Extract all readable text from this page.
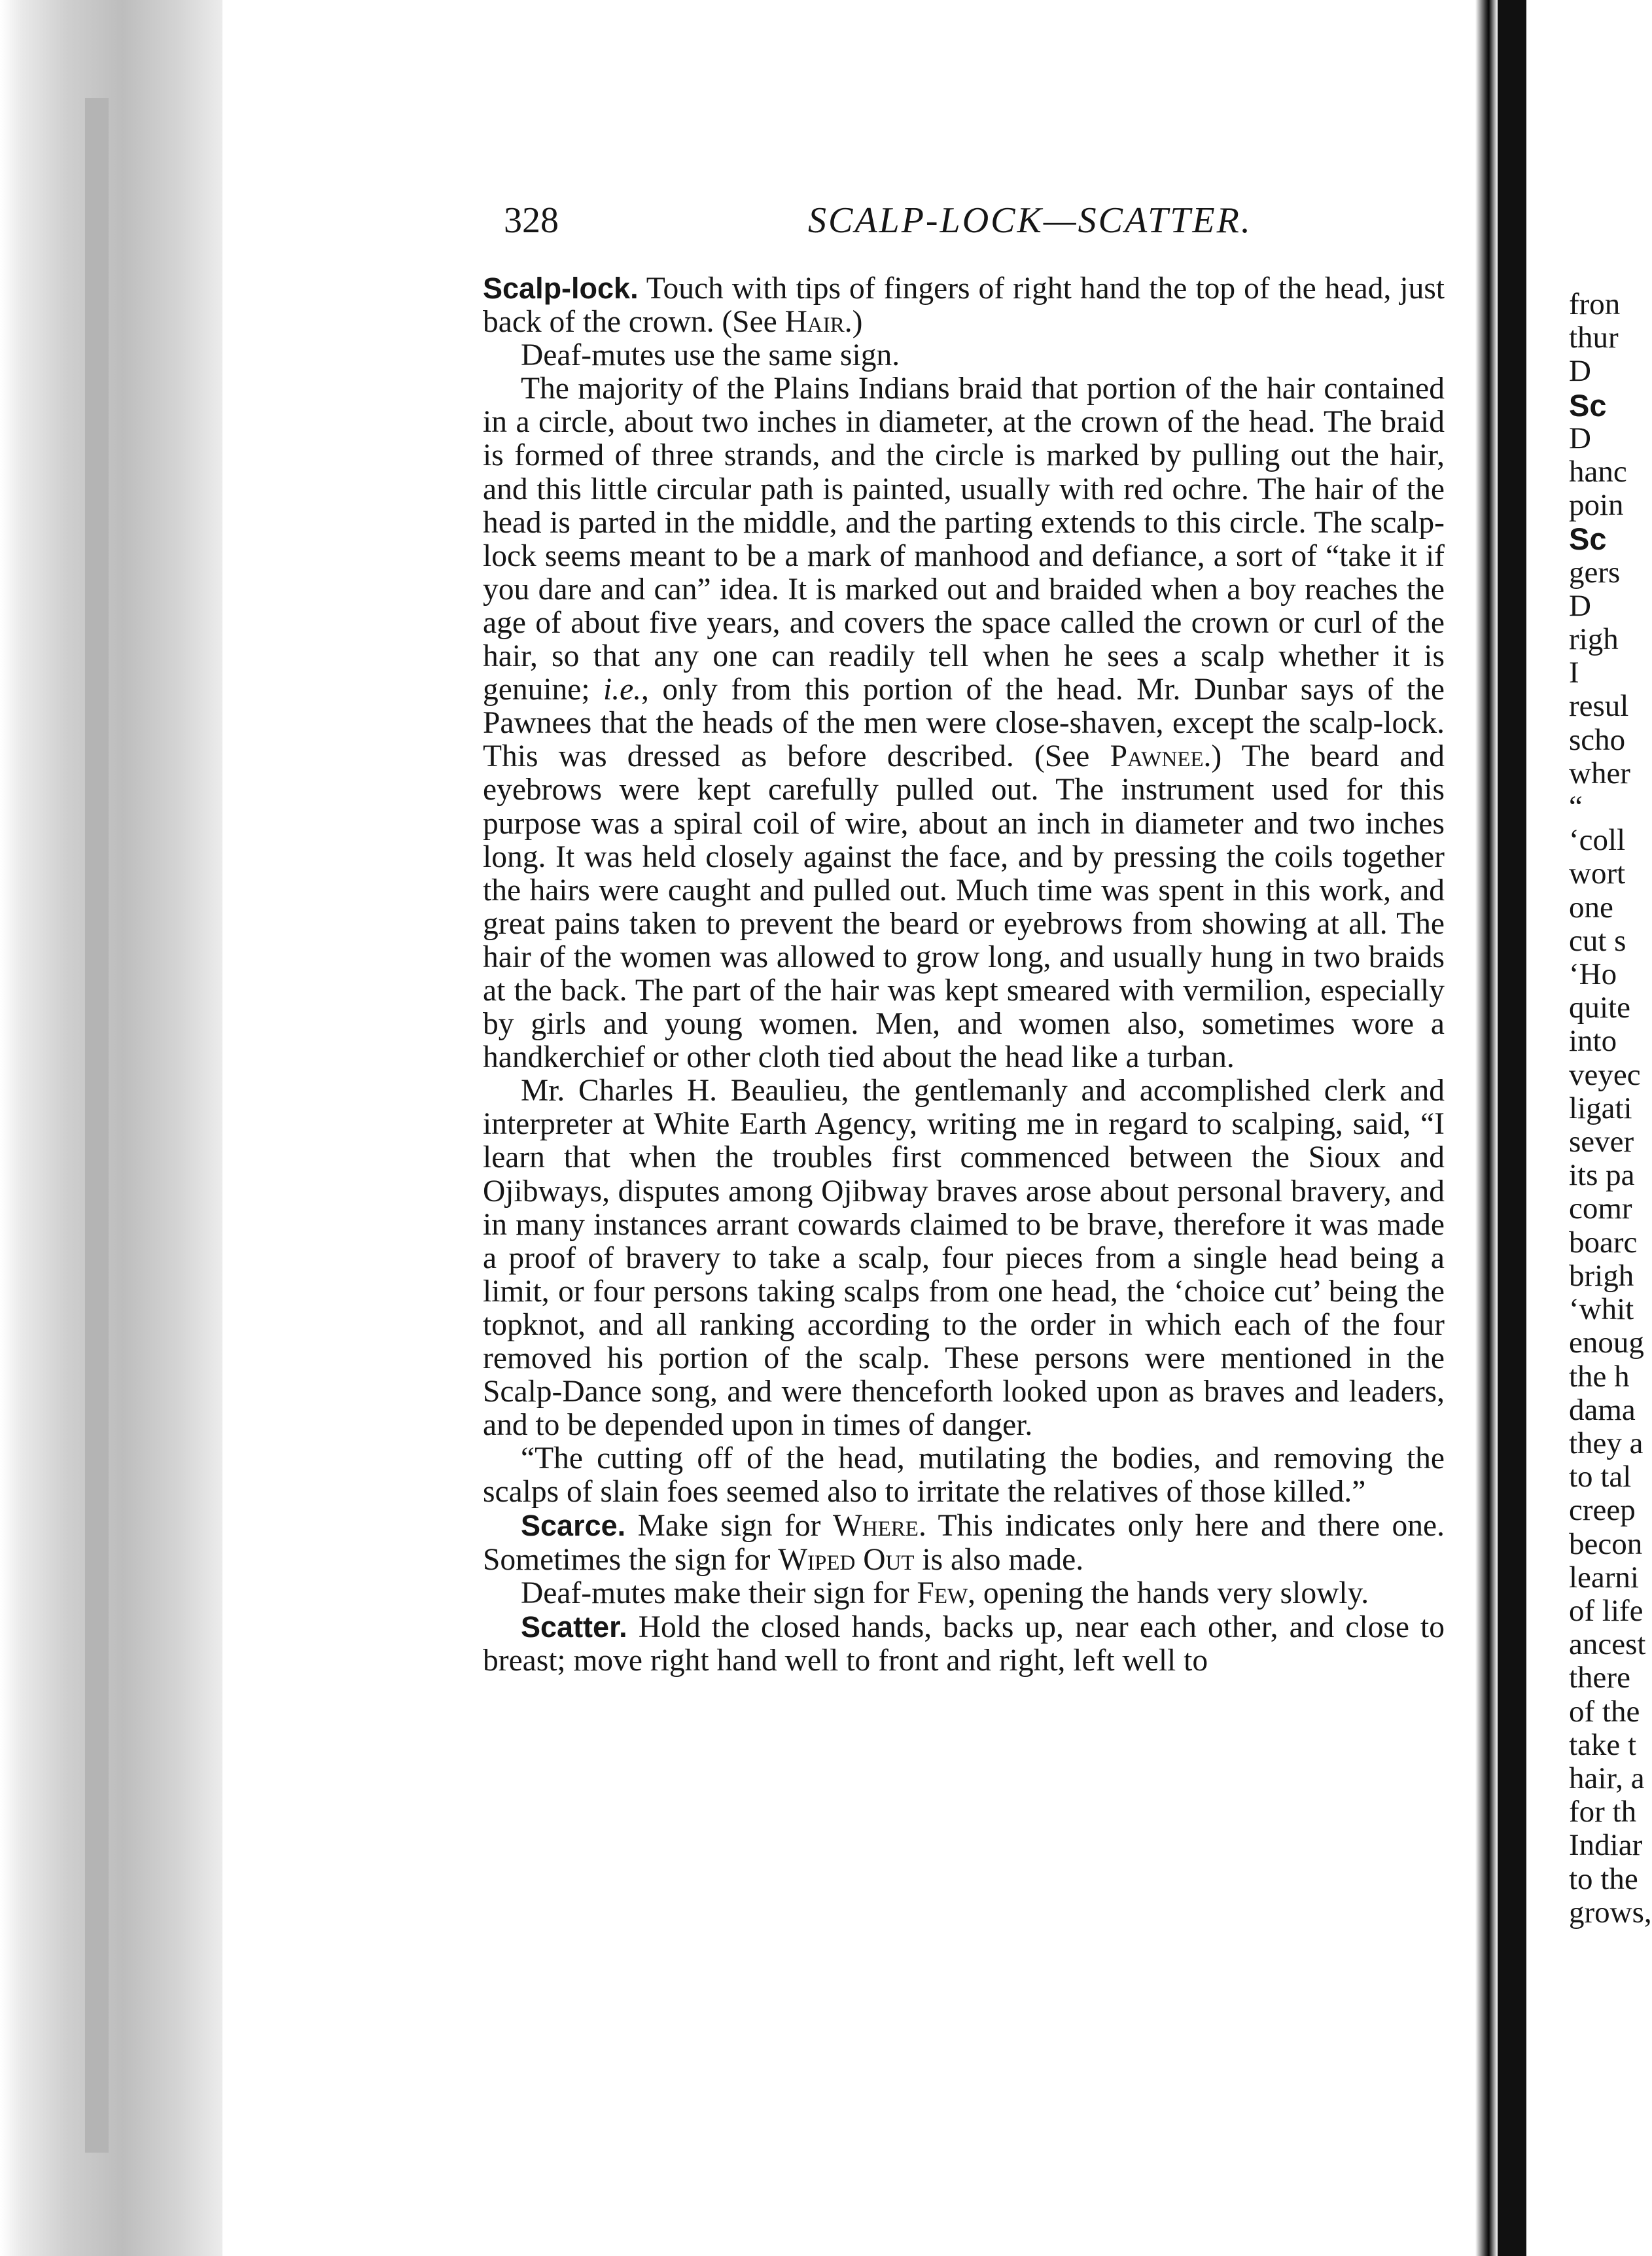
328	SCALP-LOCK—SCATTER.

Scalp-lock. Touch with tips of fingers of right hand the top of the head, just back of the crown. (See Hair.)

Deaf-mutes use the same sign.

The majority of the Plains Indians braid that portion of the hair contained in a circle, about two inches in diameter, at the crown of the head. The braid is formed of three strands, and the circle is marked by pulling out the hair, and this little circular path is painted, usually with red ochre. The hair of the head is parted in the middle, and the parting extends to this circle. The scalp-lock seems meant to be a mark of manhood and defiance, a sort of “take it if you dare and can” idea. It is marked out and braided when a boy reaches the age of about five years, and covers the space called the crown or curl of the hair, so that any one can readily tell when he sees a scalp whether it is genuine; i.e., only from this portion of the head. Mr. Dunbar says of the Pawnees that the heads of the men were close-shaven, except the scalp-lock. This was dressed as before described. (See Pawnee.) The beard and eyebrows were kept carefully pulled out. The instrument used for this purpose was a spiral coil of wire, about an inch in diameter and two inches long. It was held closely against the face, and by pressing the coils together the hairs were caught and pulled out. Much time was spent in this work, and great pains taken to prevent the beard or eyebrows from showing at all. The hair of the women was allowed to grow long, and usually hung in two braids at the back. The part of the hair was kept smeared with vermilion, especially by girls and young women. Men, and women also, sometimes wore a handkerchief or other cloth tied about the head like a turban.

Mr. Charles H. Beaulieu, the gentlemanly and accomplished clerk and interpreter at White Earth Agency, writing me in regard to scalping, said, “I learn that when the troubles first commenced between the Sioux and Ojibways, disputes among Ojibway braves arose about personal bravery, and in many instances arrant cowards claimed to be brave, therefore it was made a proof of bravery to take a scalp, four pieces from a single head being a limit, or four persons taking scalps from one head, the ‘choice cut’ being the topknot, and all ranking according to the order in which each of the four removed his portion of the scalp. These persons were mentioned in the Scalp-Dance song, and were thenceforth looked upon as braves and leaders, and to be depended upon in times of danger.

“The cutting off of the head, mutilating the bodies, and removing the scalps of slain foes seemed also to irritate the relatives of those killed.”

Scarce. Make sign for Where. This indicates only here and there one. Sometimes the sign for Wiped Out is also made.

Deaf-mutes make their sign for Few, opening the hands very slowly.

Scatter. Hold the closed hands, backs up, near each other, and close to breast; move right hand well to front and right, left well to

fron
thur
D
Sc
D
hanc
poin
Sc
gers
D
righ
I
resul
scho
wher
“
‘coll
wort
one
cut s
‘Ho
quite
into
veyec
ligati
sever
its pa
comr
boarc
brigh
‘whit
enoug
the h
dama
they a
to tal
creep
becon
learni
of life
ancest
there
of the
take t
hair, a
for th
Indiar
to the
grows,
